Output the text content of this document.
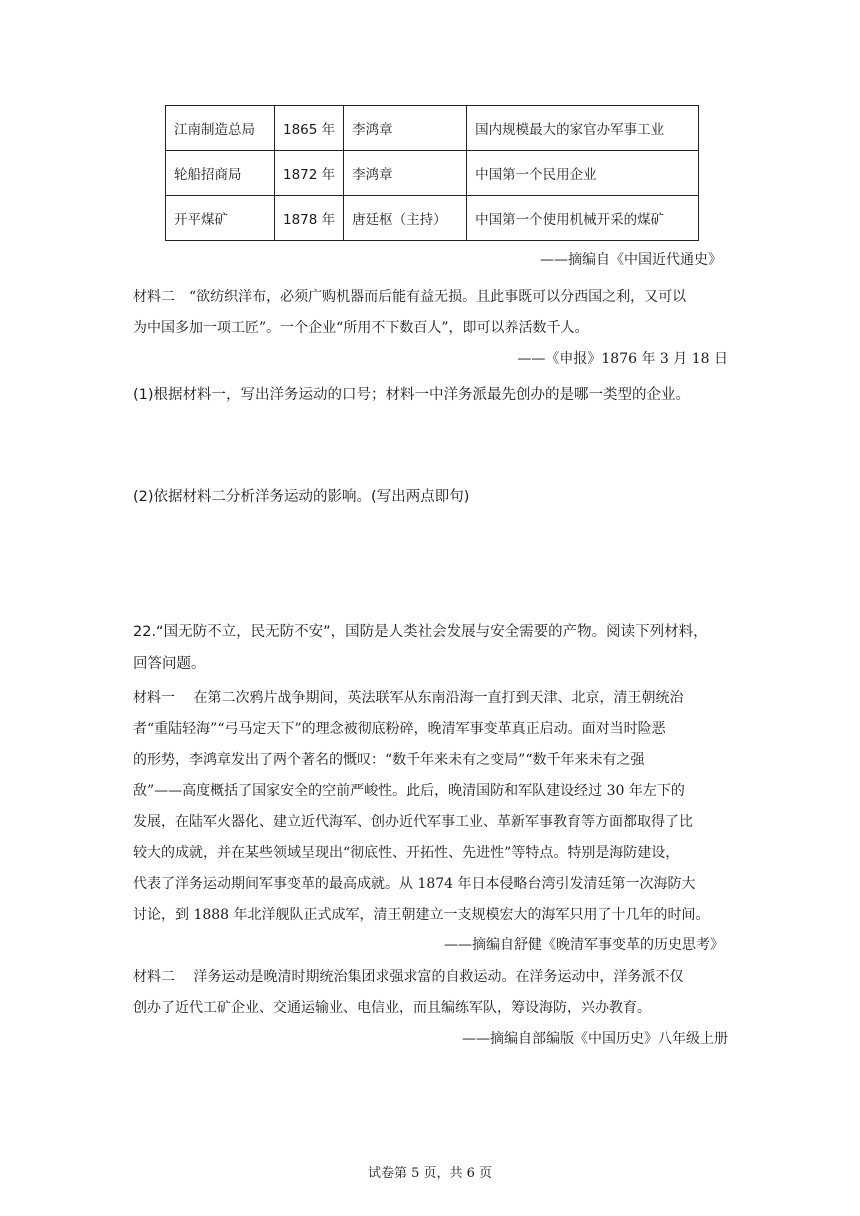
江南制造总局	1865 年	李鸿章	国内规模最大的家官办军事工业
轮船招商局	1872 年	李鸿章	中国第一个民用企业
开平煤矿	1878 年	唐廷枢（主持）	中国第一个使用机械开采的煤矿
——摘编自《中国近代通史》
材料二　“欲纺织洋布，必须广购机器而后能有益无损。且此事既可以分西国之利，又可以
为中国多加一项工匠”。一个企业“所用不下数百人”，即可以养活数千人。
——《申报》1876 年 3 月 18 日
(1)根据材料一，写出洋务运动的口号；材料一中洋务派最先创办的是哪一类型的企业。
(2)依据材料二分析洋务运动的影响。(写出两点即句)
22.“国无防不立，民无防不安”，国防是人类社会发展与安全需要的产物。阅读下列材料，
回答问题。
材料一　 在第二次鸦片战争期间，英法联军从东南沿海一直打到天津、北京，清王朝统治
者“重陆轻海”“弓马定天下”的理念被彻底粉碎，晚清军事变革真正启动。面对当时险恶
的形势，李鸿章发出了两个著名的慨叹：“数千年来未有之变局”“数千年来未有之强
敌”——高度概括了国家安全的空前严峻性。此后，晚清国防和军队建设经过 30 年左下的
发展，在陆军火器化、建立近代海军、创办近代军事工业、革新军事教育等方面都取得了比
较大的成就，并在某些领域呈现出“彻底性、开拓性、先进性”等特点。特别是海防建设，
代表了洋务运动期间军事变革的最高成就。从 1874 年日本侵略台湾引发清廷第一次海防大
讨论，到 1888 年北洋舰队正式成军，清王朝建立一支规模宏大的海军只用了十几年的时间。
——摘编自舒健《晚清军事变革的历史思考》
材料二　 洋务运动是晚清时期统治集团求强求富的自救运动。在洋务运动中，洋务派不仅
创办了近代工矿企业、交通运输业、电信业，而且编练军队，筹设海防，兴办教育。
——摘编自部编版《中国历史》八年级上册
试卷第 5 页，共 6 页
